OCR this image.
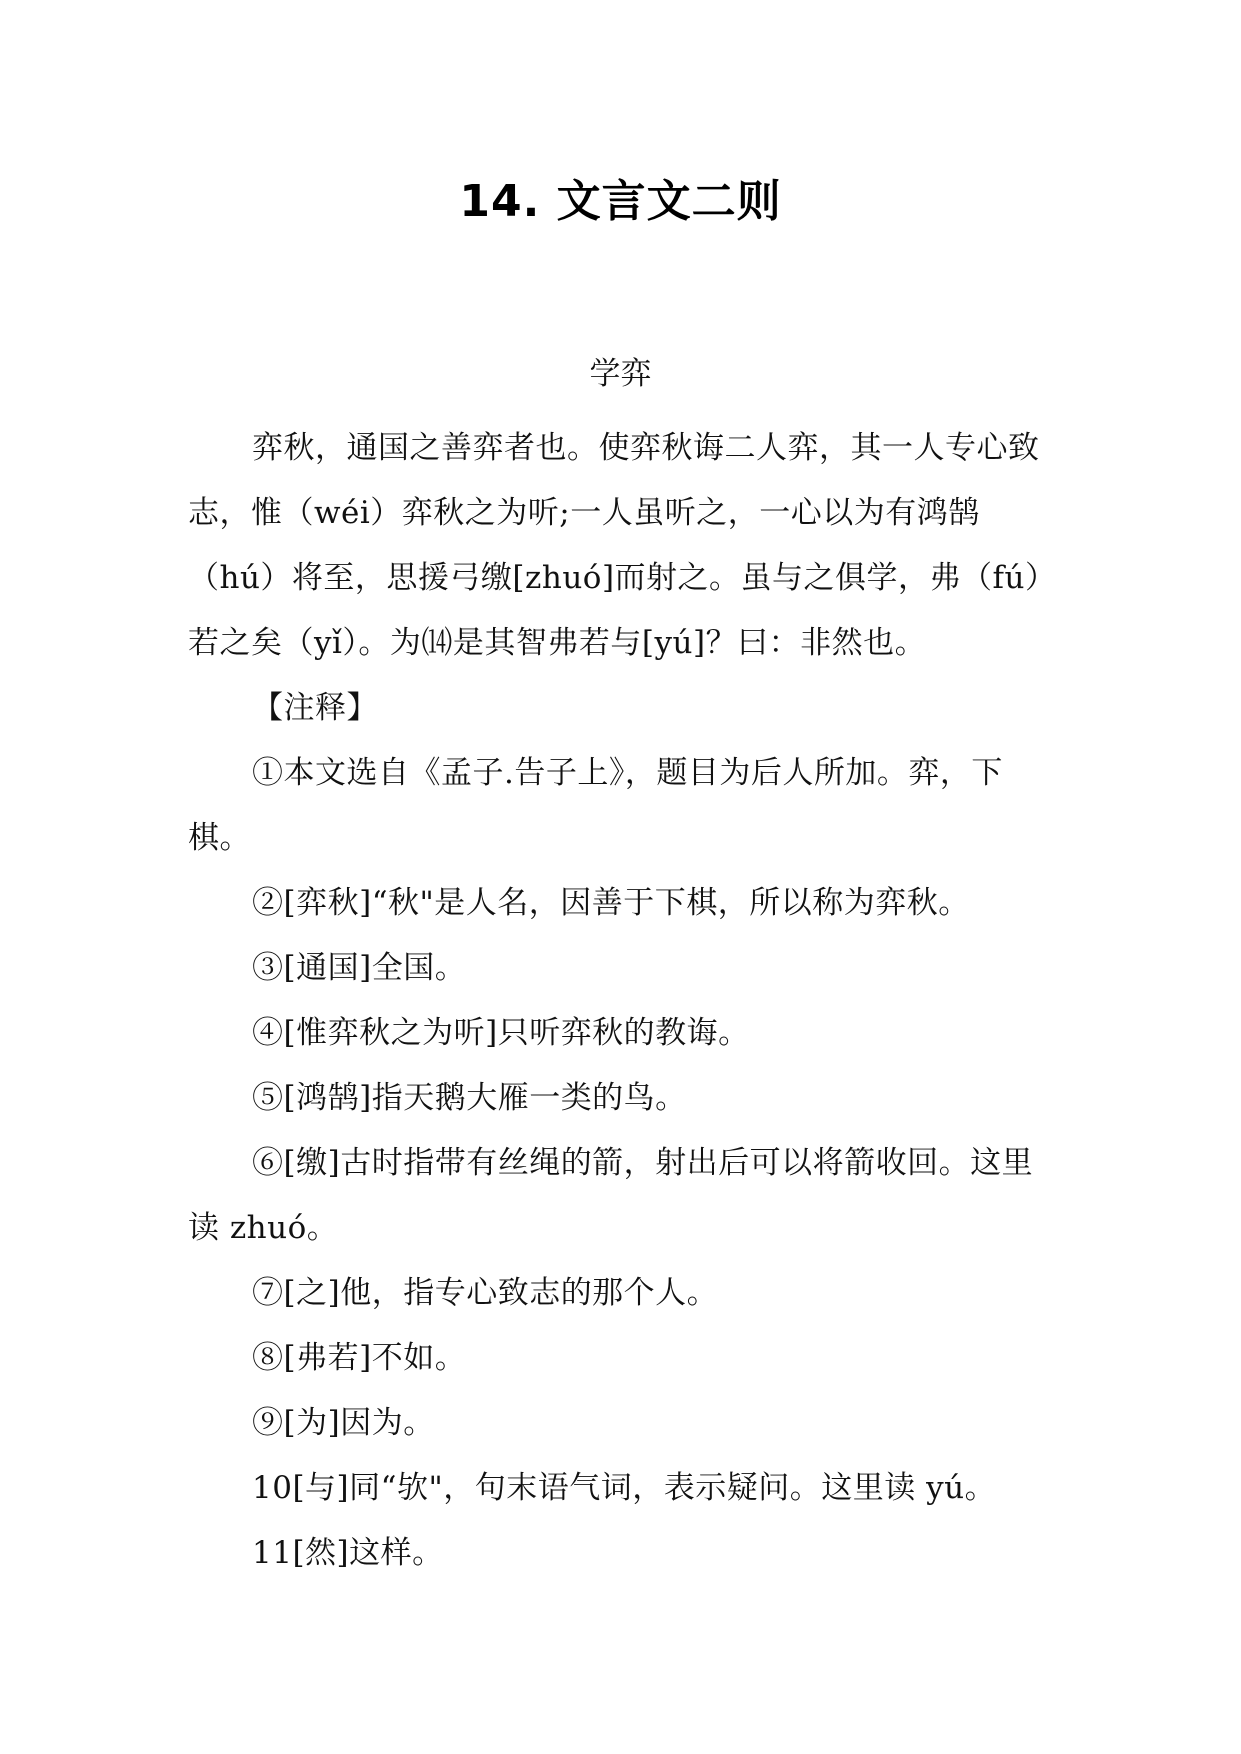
14. 文言文二则
学弈

弈秋，通国之善弈者也。使弈秋诲二人弈，其一人专心致志，惟（wéi）弈秋之为听;一人虽听之，一心以为有鸿鹄（hú）将至，思援弓缴[zhuó]而射之。虽与之俱学，弗（fú）若之矣（yǐ）。为⒁是其智弗若与[yú]？曰：非然也。

【注释】

①本文选自《孟子.告子上》，题目为后人所加。弈，下棋。

②[弈秋]“秋"是人名，因善于下棋，所以称为弈秋。

③[通国]全国。

④[惟弈秋之为听]只听弈秋的教诲。

⑤[鸿鹄]指天鹅大雁一类的鸟。

⑥[缴]古时指带有丝绳的箭，射出后可以将箭收回。这里读 zhuó。

⑦[之]他，指专心致志的那个人。

⑧[弗若]不如。

⑨[为]因为。

10[与]同“欤"，句末语气词，表示疑问。这里读 yú。

11[然]这样。
